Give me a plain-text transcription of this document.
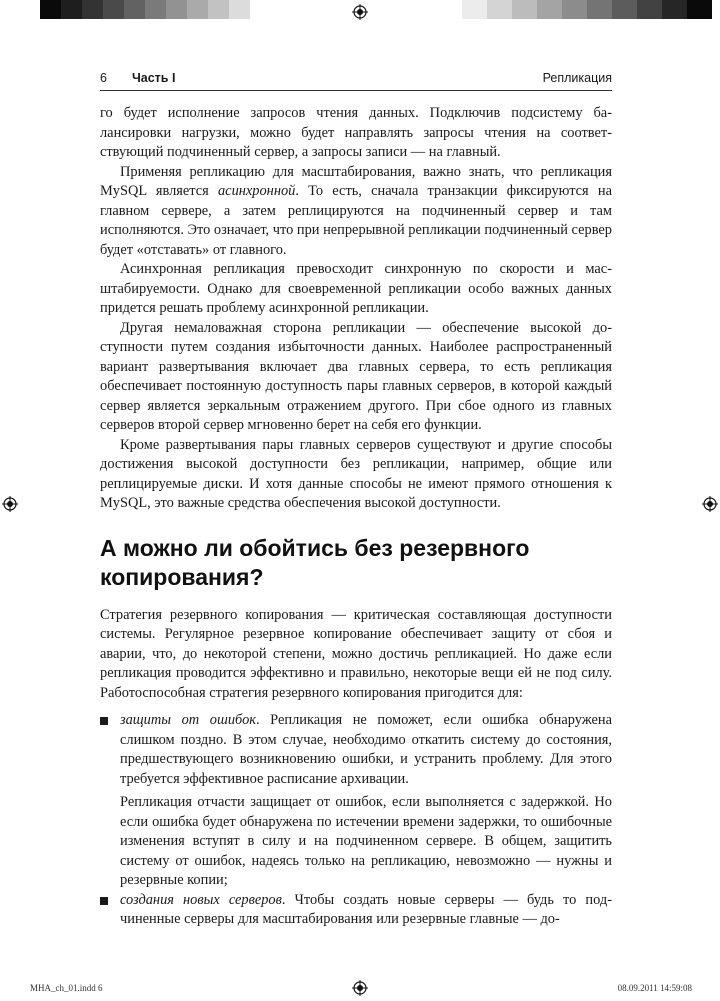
6 Часть I	Репликация

го будет исполнение запросов чтения данных. Подключив подсистему балансировки нагрузки, можно будет направлять запросы чтения на соответствующий подчиненный сервер, а запросы записи — на главный.

Применяя репликацию для масштабирования, важно знать, что репликация MySQL является асинхронной. То есть, сначала транзакции фиксируются на главном сервере, а затем реплицируются на подчиненный сервер и там исполняются. Это означает, что при непрерывной репликации подчиненный сервер будет «отставать» от главного.

Асинхронная репликация превосходит синхронную по скорости и масштабируемости. Однако для своевременной репликации особо важных данных придется решать проблему асинхронной репликации.

Другая немаловажная сторона репликации — обеспечение высокой доступности путем создания избыточности данных. Наиболее распространенный вариант развертывания включает два главных сервера, то есть репликация обеспечивает постоянную доступность пары главных серверов, в которой каждый сервер является зеркальным отражением другого. При сбое одного из главных серверов второй сервер мгновенно берет на себя его функции.

Кроме развертывания пары главных серверов существуют и другие способы достижения высокой доступности без репликации, например, общие или реплицируемые диски. И хотя данные способы не имеют прямого отношения к MySQL, это важные средства обеспечения высокой доступности.

А можно ли обойтись без резервного копирования?

Стратегия резервного копирования — критическая составляющая доступности системы. Регулярное резервное копирование обеспечивает защиту от сбоя и аварии, что, до некоторой степени, можно достичь репликацией. Но даже если репликация проводится эффективно и правильно, некоторые вещи ей не под силу. Работоспособная стратегия резервного копирования пригодится для:

защиты от ошибок. Репликация не поможет, если ошибка обнаружена слишком поздно. В этом случае, необходимо откатить систему до состояния, предшествующего возникновению ошибки, и устранить проблему. Для этого требуется эффективное расписание архивации.

Репликация отчасти защищает от ошибок, если выполняется с задержкой. Но если ошибка будет обнаружена по истечении времени задержки, то ошибочные изменения вступят в силу и на подчиненном сервере. В общем, защитить систему от ошибок, надеясь только на репликацию, невозможно — нужны и резервные копии;

создания новых серверов. Чтобы создать новые серверы — будь то подчиненные серверы для масштабирования или резервные главные — до-

MHA_ch_01.indd 6	08.09.2011 14:59:08
